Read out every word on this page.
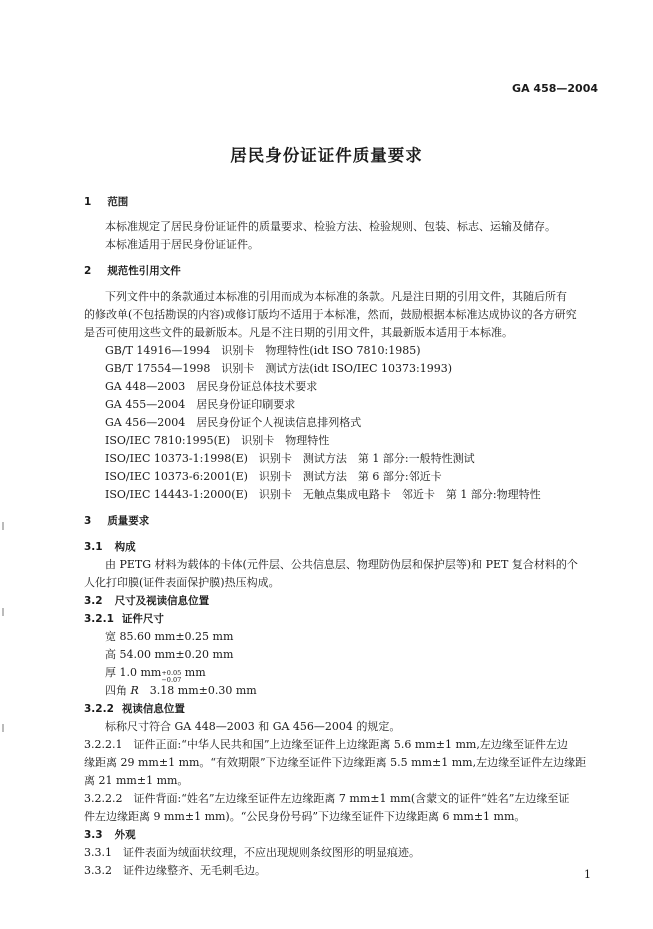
GA 458—2004
居民身份证证件质量要求
1 范围
本标准规定了居民身份证证件的质量要求、检验方法、检验规则、包装、标志、运输及储存。
本标准适用于居民身份证证件。
2 规范性引用文件
下列文件中的条款通过本标准的引用而成为本标准的条款。凡是注日期的引用文件，其随后所有
的修改单(不包括勘误的内容)或修订版均不适用于本标准，然而，鼓励根据本标准达成协议的各方研究
是否可使用这些文件的最新版本。凡是不注日期的引用文件，其最新版本适用于本标准。
GB/T 14916—1994　识别卡　物理特性(idt ISO 7810:1985)
GB/T 17554—1998　识别卡　测试方法(idt ISO/IEC 10373:1993)
GA 448—2003　居民身份证总体技术要求
GA 455—2004　居民身份证印刷要求
GA 456—2004　居民身份证个人视读信息排列格式
ISO/IEC 7810:1995(E)　识别卡　物理特性
ISO/IEC 10373-1:1998(E)　识别卡　测试方法　第 1 部分:一般特性测试
ISO/IEC 10373-6:2001(E)　识别卡　测试方法　第 6 部分:邻近卡
ISO/IEC 14443-1:2000(E)　识别卡　无触点集成电路卡　邻近卡　第 1 部分:物理特性
3 质量要求
3.1 构成
由 PETG 材料为载体的卡体(元件层、公共信息层、物理防伪层和保护层等)和 PET 复合材料的个
人化打印膜(证件表面保护膜)热压构成。
3.2 尺寸及视读信息位置
3.2.1 证件尺寸
宽 85.60 mm±0.25 mm
高 54.00 mm±0.20 mm
厚 1.0 mm +0.05
−0.07
mm
四角 R　3.18 mm±0.30 mm
3.2.2 视读信息位置
标称尺寸符合 GA 448—2003 和 GA 456—2004 的规定。
3.2.2.1　证件正面:“中华人民共和国”上边缘至证件上边缘距离 5.6 mm±1 mm,左边缘至证件左边
缘距离 29 mm±1 mm。“有效期限”下边缘至证件下边缘距离 5.5 mm±1 mm,左边缘至证件左边缘距
离 21 mm±1 mm。
3.2.2.2　证件背面:“姓名”左边缘至证件左边缘距离 7 mm±1 mm(含蒙文的证件“姓名”左边缘至证
件左边缘距离 9 mm±1 mm)。“公民身份号码”下边缘至证件下边缘距离 6 mm±1 mm。
3.3 外观
3.3.1　证件表面为绒面状纹理，不应出现规则条纹图形的明显痕迹。
3.3.2　证件边缘整齐、无毛刺毛边。	1
